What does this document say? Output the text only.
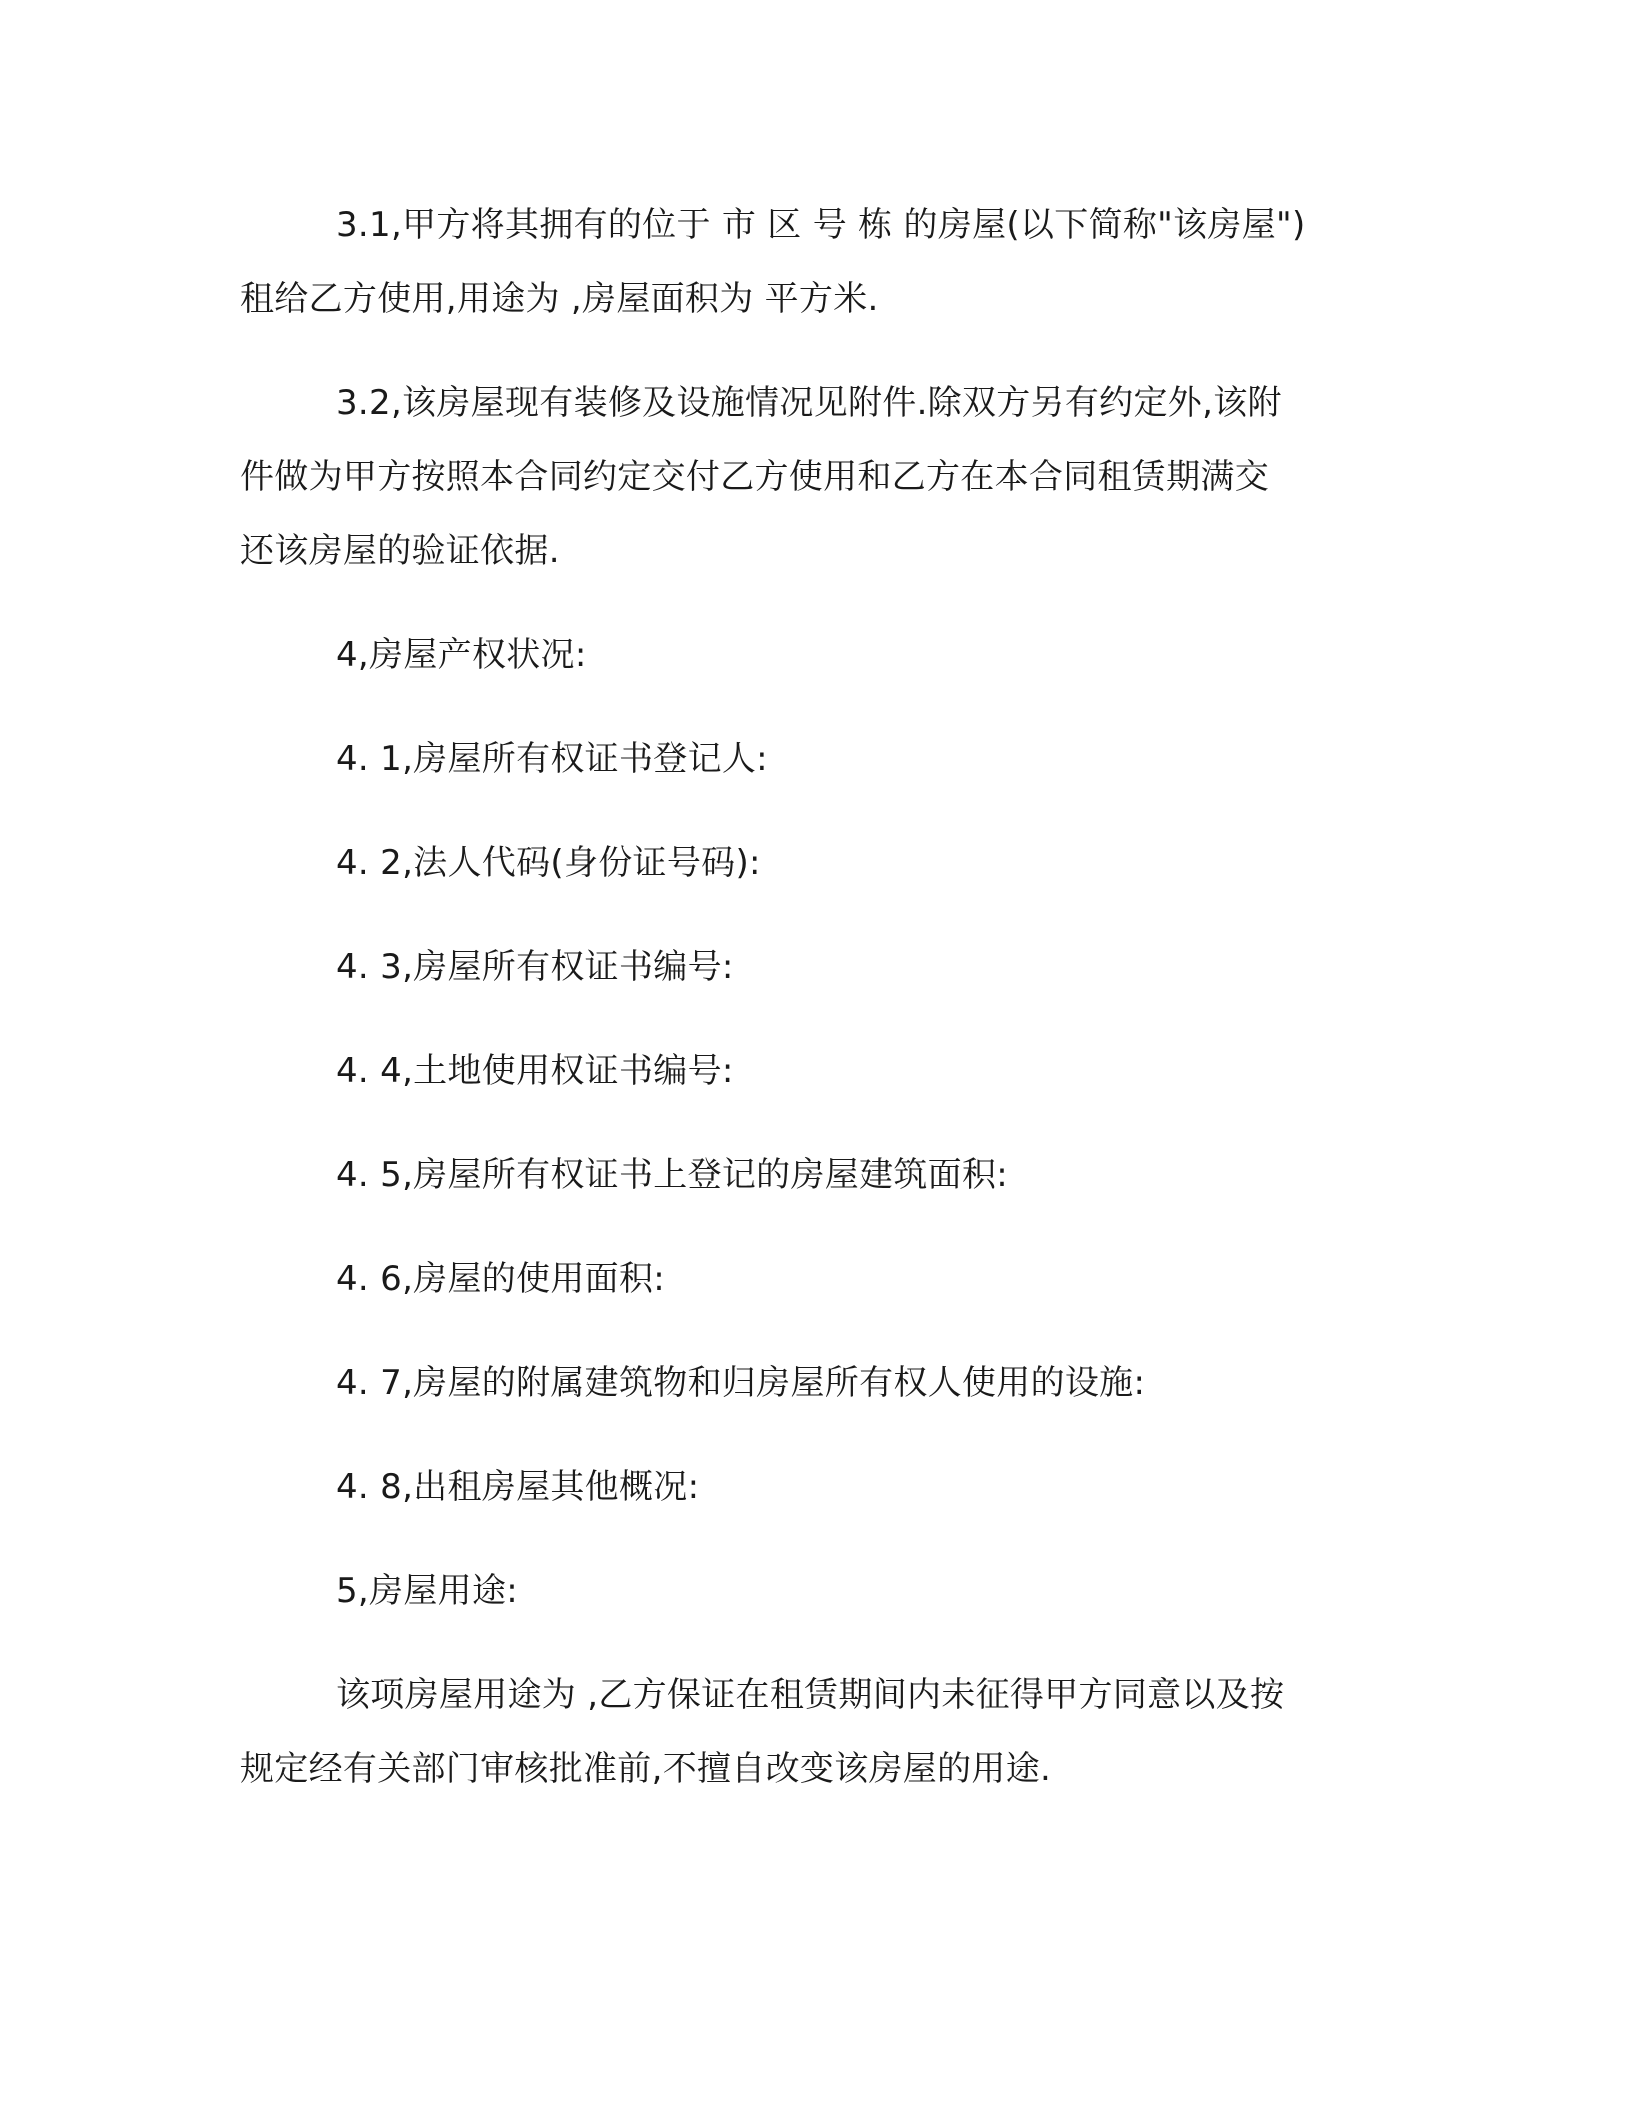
3.1,甲方将其拥有的位于 市 区 号 栋 的房屋(以下简称"该房屋")
租给乙方使用,用途为 ,房屋面积为 平方米.

3.2,该房屋现有装修及设施情况见附件.除双方另有约定外,该附
件做为甲方按照本合同约定交付乙方使用和乙方在本合同租赁期满交
还该房屋的验证依据.

4,房屋产权状况:

4. 1,房屋所有权证书登记人:

4. 2,法人代码(身份证号码):

4. 3,房屋所有权证书编号:

4. 4,土地使用权证书编号:

4. 5,房屋所有权证书上登记的房屋建筑面积:

4. 6,房屋的使用面积:

4. 7,房屋的附属建筑物和归房屋所有权人使用的设施:

4. 8,出租房屋其他概况:

5,房屋用途:

该项房屋用途为 ,乙方保证在租赁期间内未征得甲方同意以及按
规定经有关部门审核批准前,不擅自改变该房屋的用途.
